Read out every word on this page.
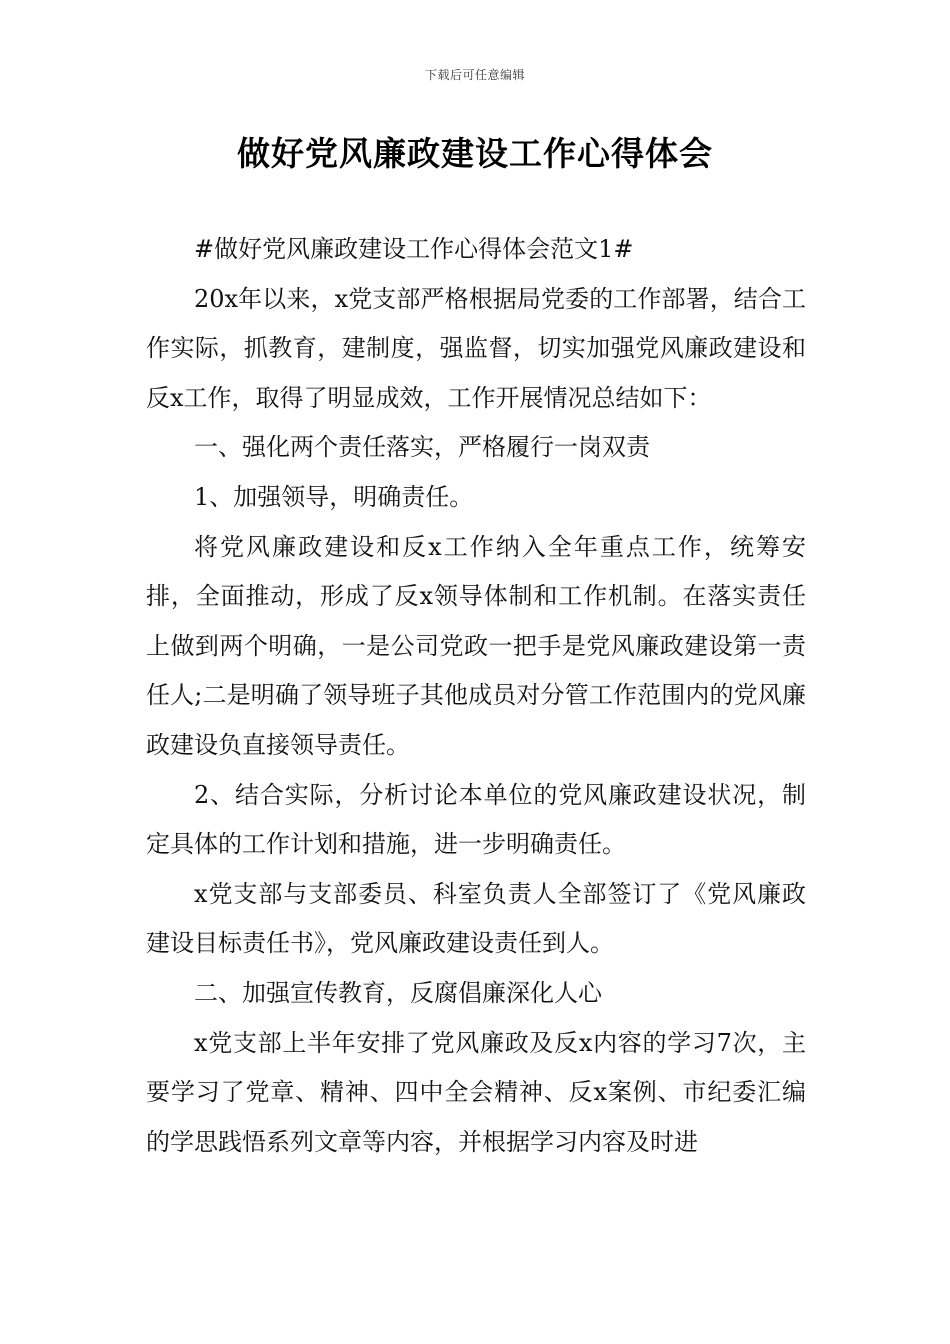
下载后可任意编辑
做好党风廉政建设工作心得体会

#做好党风廉政建设工作心得体会范文1#

20x年以来，x党支部严格根据局党委的工作部署，结合工作实际，抓教育，建制度，强监督，切实加强党风廉政建设和反x工作，取得了明显成效，工作开展情况总结如下：

一、强化两个责任落实，严格履行一岗双责

1、加强领导，明确责任。

将党风廉政建设和反x工作纳入全年重点工作，统筹安排，全面推动，形成了反x领导体制和工作机制。在落实责任上做到两个明确，一是公司党政一把手是党风廉政建设第一责任人;二是明确了领导班子其他成员对分管工作范围内的党风廉政建设负直接领导责任。

2、结合实际，分析讨论本单位的党风廉政建设状况，制定具体的工作计划和措施，进一步明确责任。

x党支部与支部委员、科室负责人全部签订了《党风廉政建设目标责任书》，党风廉政建设责任到人。

二、加强宣传教育，反腐倡廉深化人心

x党支部上半年安排了党风廉政及反x内容的学习7次，主要学习了党章、精神、四中全会精神、反x案例、市纪委汇编的学思践悟系列文章等内容，并根据学习内容及时进
